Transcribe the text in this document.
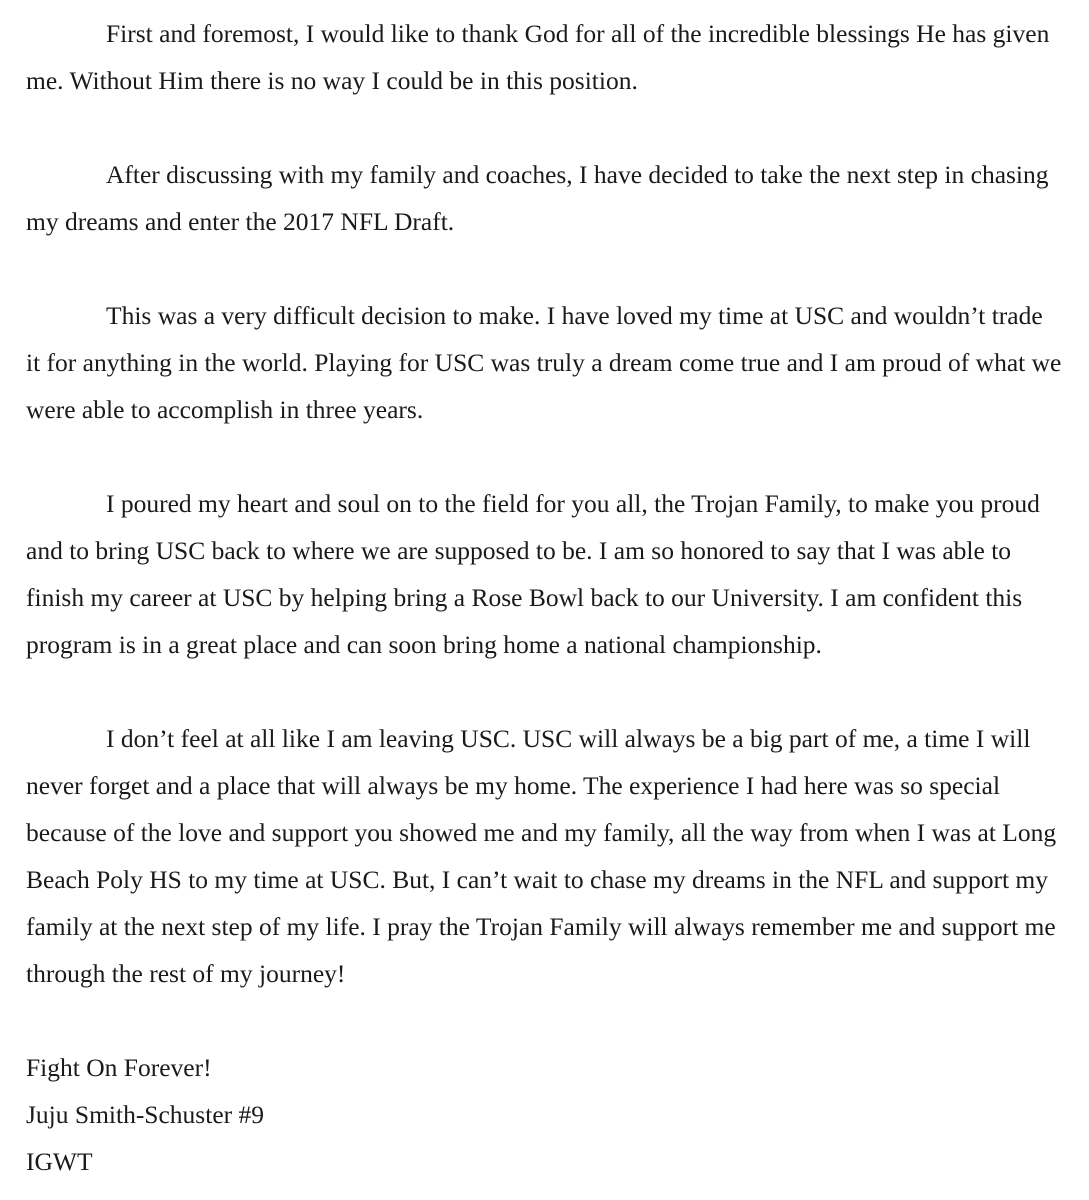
First and foremost, I would like to thank God for all of the incredible blessings He has given me. Without Him there is no way I could be in this position.

After discussing with my family and coaches, I have decided to take the next step in chasing my dreams and enter the 2017 NFL Draft.

This was a very difficult decision to make. I have loved my time at USC and wouldn’t trade it for anything in the world. Playing for USC was truly a dream come true and I am proud of what we were able to accomplish in three years.

I poured my heart and soul on to the field for you all, the Trojan Family, to make you proud and to bring USC back to where we are supposed to be. I am so honored to say that I was able to finish my career at USC by helping bring a Rose Bowl back to our University. I am confident this program is in a great place and can soon bring home a national championship.

I don’t feel at all like I am leaving USC. USC will always be a big part of me, a time I will never forget and a place that will always be my home. The experience I had here was so special because of the love and support you showed me and my family, all the way from when I was at Long Beach Poly HS to my time at USC. But, I can’t wait to chase my dreams in the NFL and support my family at the next step of my life. I pray the Trojan Family will always remember me and support me through the rest of my journey!

Fight On Forever!
Juju Smith-Schuster #9
IGWT
